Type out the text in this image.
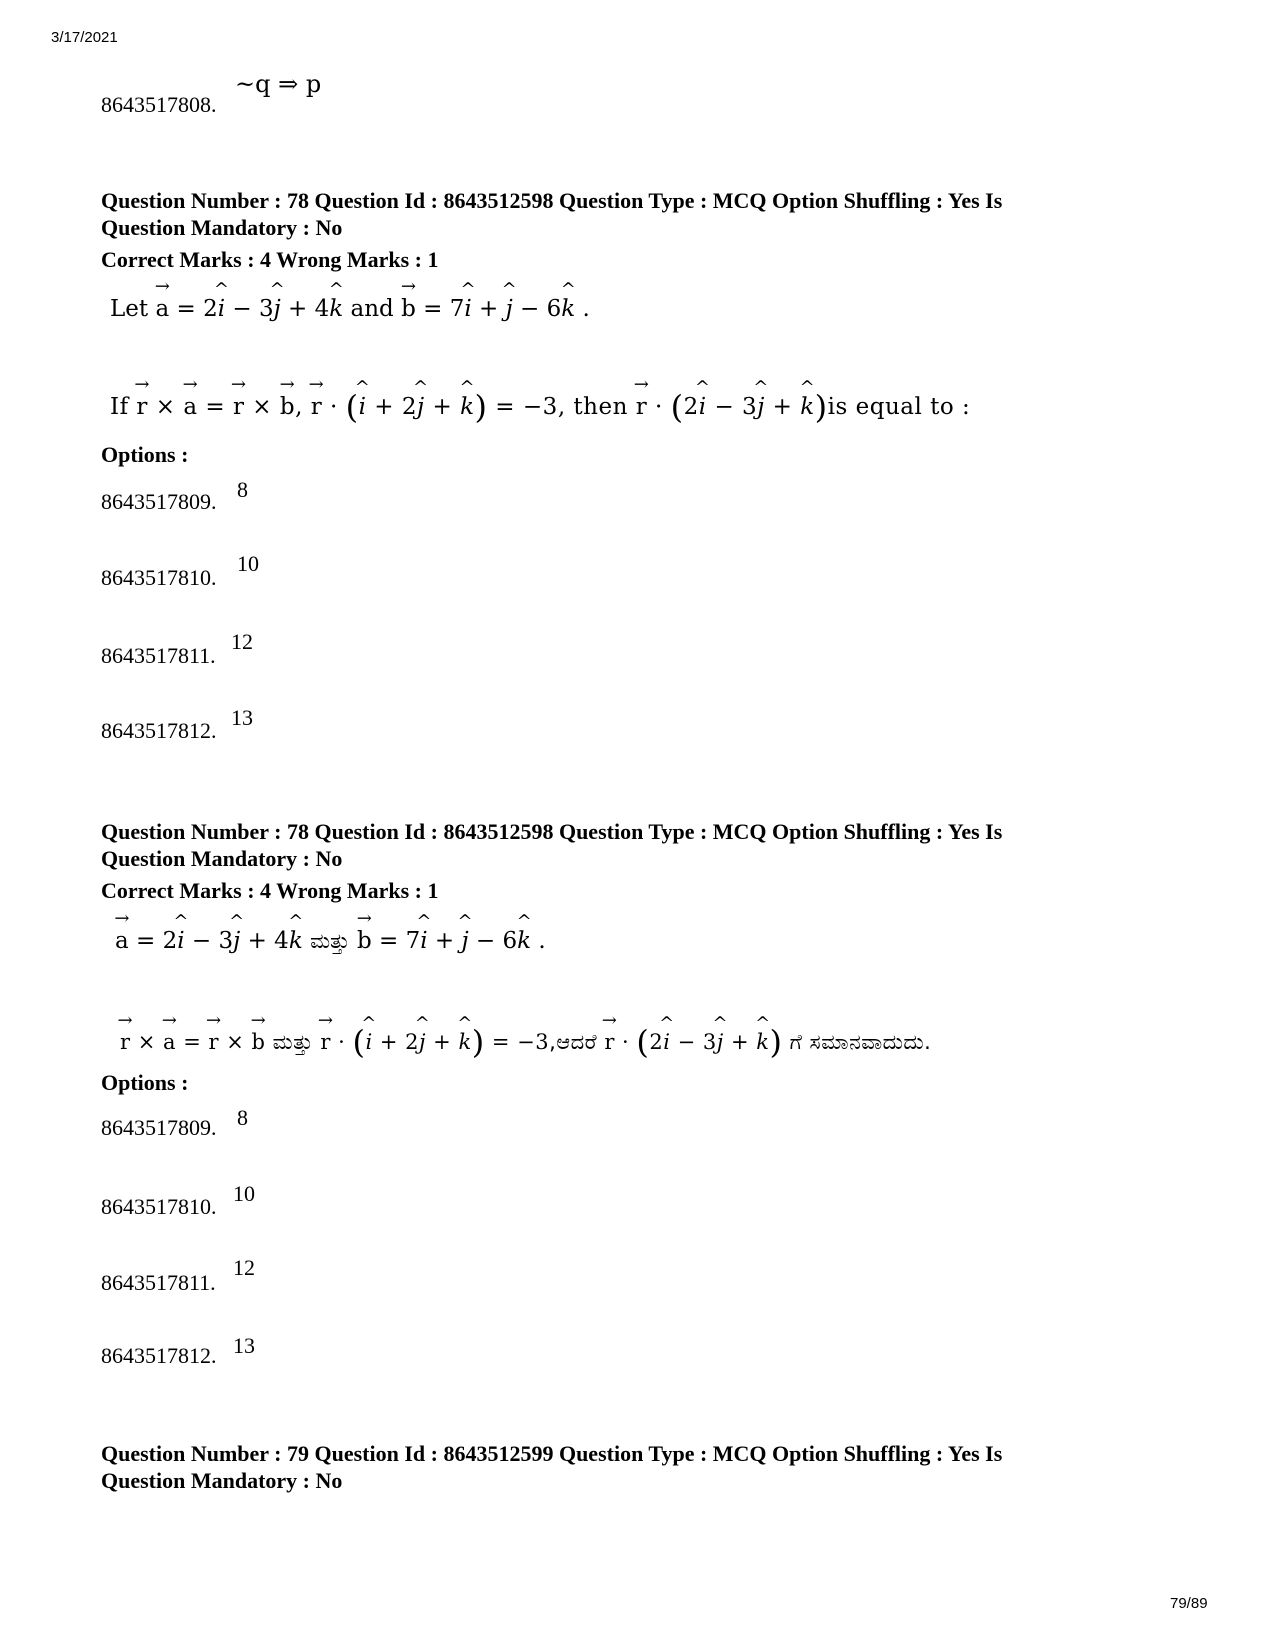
3/17/2021
8643517808.
~q ⇒ p
Question Number : 78 Question Id : 8643512598 Question Type : MCQ Option Shuffling : Yes Is
Question Mandatory : No
Correct Marks : 4 Wrong Marks : 1
Let → a = 2^ i − 3^ j + 4^ k and → b = 7^ i + ^ j − 6^ k .
If → r × → a = → r × → b, → r · (^ i + 2^ j + ^ k) = −3, then → r · (2^ i − 3^ j + ^ k)is equal to :
Options :
8643517809. 8
8643517810.
10
8643517811.
12
8643517812.
13
Question Number : 78 Question Id : 8643512598 Question Type : MCQ Option Shuffling : Yes Is
Question Mandatory : No
Correct Marks : 4 Wrong Marks : 1
→ a = 2^ i − 3^ j + 4^ k ಮತ್ತು → b = 7^ i + ^ j − 6^ k .
→ r × → a = → r × → b ಮತ್ತು → r · (^ i + 2^ j + ^ k) = −3,ಆದರೆ → r · (2^ i − 3^ j + ^ k) ಗೆ ಸಮಾನವಾದುದು.
Options :
8643517809. 8
8643517810.
10
8643517811.
12
8643517812. 13
Question Number : 79 Question Id : 8643512599 Question Type : MCQ Option Shuffling : Yes Is
Question Mandatory : No
79/89
